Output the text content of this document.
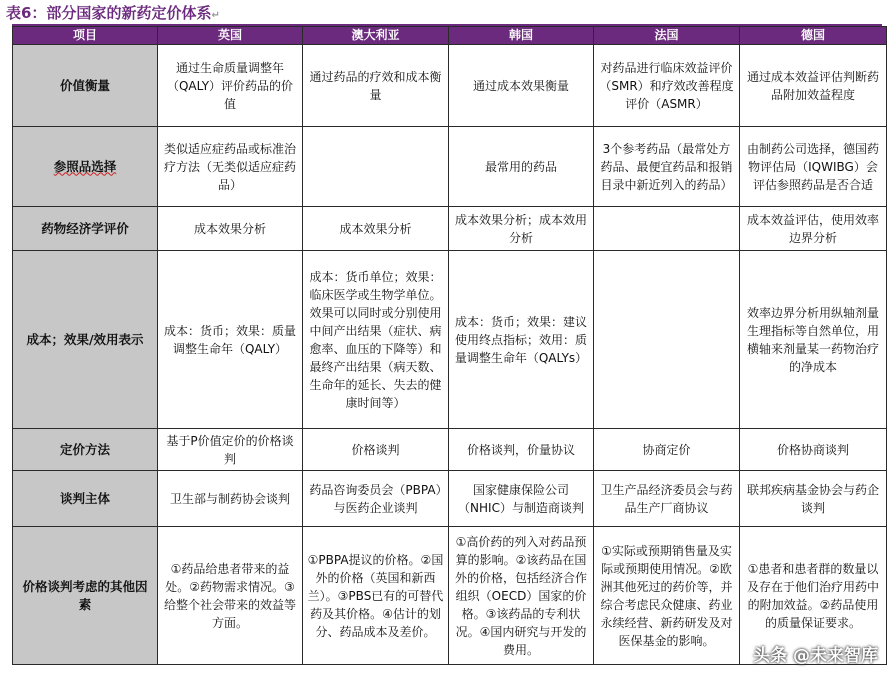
表6：部分国家的新药定价体系↵
项目	英国	澳大利亚	韩国	法国	德国
价值衡量	通过生命质量调整年（QALY）评价药品的价值	通过药品的疗效和成本衡量	通过成本效果衡量	对药品进行临床效益评价（SMR）和疗效改善程度评价（ASMR）	通过成本效益评估判断药品附加效益程度
参照品选择	类似适应症药品或标准治疗方法（无类似适应症药品）		最常用的药品	3个参考药品（最常处方药品、最便宜药品和报销目录中新近列入的药品）	由制药公司选择，德国药物评估局（IQWIBG）会评估参照药品是否合适
药物经济学评价	成本效果分析	成本效果分析	成本效果分析；成本效用分析		成本效益评估，使用效率边界分析
成本；效果/效用表示	成本：货币；效果：质量调整生命年（QALY）	成本：货币单位；效果：临床医学或生物学单位。效果可以同时或分别使用中间产出结果（症状、病愈率、血压的下降等）和最终产出结果（病天数、生命年的延长、失去的健康时间等）	成本：货币；效果：建议使用终点指标；效用：质量调整生命年（QALYs）		效率边界分析用纵轴剂量生理指标等自然单位，用横轴来剂量某一药物治疗的净成本
定价方法	基于P价值定价的价格谈判	价格谈判	价格谈判，价量协议	协商定价	价格协商谈判
谈判主体	卫生部与制药协会谈判	药品咨询委员会（PBPA）与医药企业谈判	国家健康保险公司（NHIC）与制造商谈判	卫生产品经济委员会与药品生产厂商协议	联邦疾病基金协会与药企谈判
价格谈判考虑的其他因素	①药品给患者带来的益处。②药物需求情况。③给整个社会带来的效益等方面。	①PBPA提议的价格。②国外的价格（英国和新西兰）。③PBS已有的可替代药及其价格。④估计的划分、药品成本及差价。	①高价药的列入对药品预算的影响。②该药品在国外的价格，包括经济合作组织（OECD）国家的价格。③该药品的专利状况。④国内研究与开发的费用。	①实际或预期销售量及实际或预期使用情况。②欧洲其他死过的药价等，并综合考虑民众健康、药业永续经营、新药研发及对医保基金的影响。	①患者和患者群的数量以及存在于他们治疗用药中的附加效益。②药品使用的质量保证要求。
头条 @未来智库
